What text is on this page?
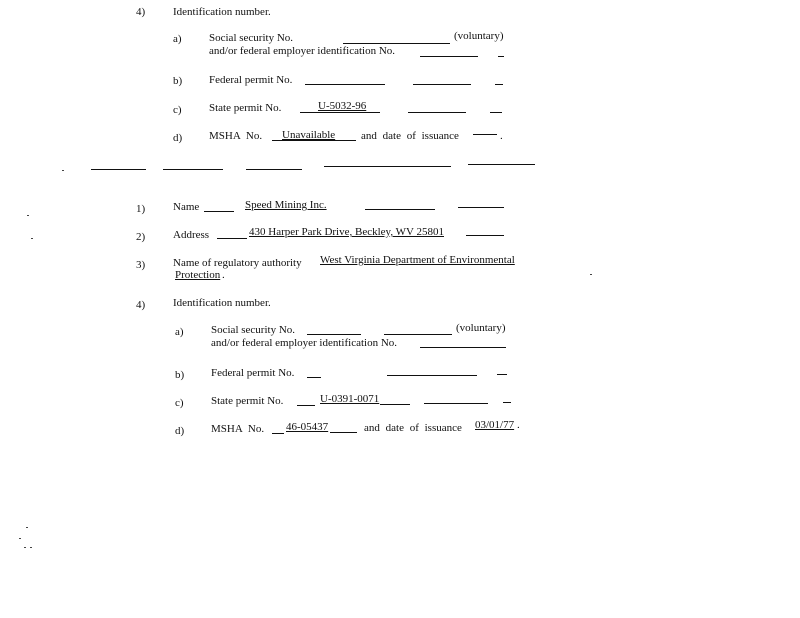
4)	Identification number.
a) Social security No.	(voluntary)
and/or federal employer identification No.
b) Federal permit No.
c) State permit No.	U-5032-96
d) MSHA No. Unavailable and date of issuance	.
1)	Name	Speed Mining Inc.
2)	Address	430 Harper Park Drive, Beckley, WV 25801
3)	Name of regulatory authority West Virginia Department of Environmental
Protection .
4)	Identification number.
a) Social security No.	(voluntary)
and/or federal employer identification No.
b) Federal permit No.
c) State permit No.	U-0391-0071
d) MSHA No. 46-05437	and date of issuance 03/01/77 .
